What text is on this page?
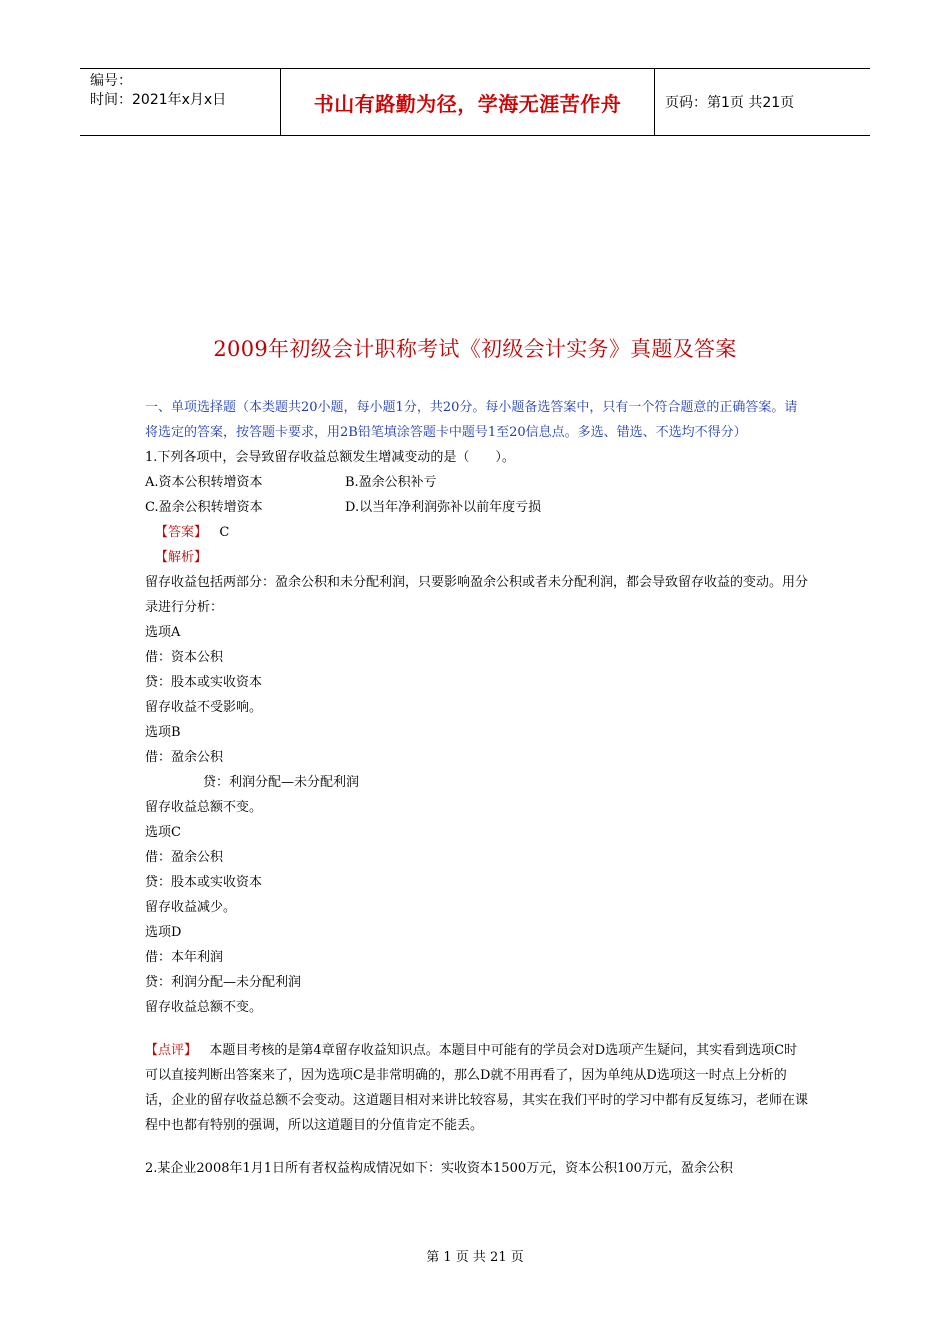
编号：
时间：2021年x月x日	书山有路勤为径，学海无涯苦作舟	页码：第1页 共21页
2009年初级会计职称考试《初级会计实务》真题及答案

一、单项选择题（本类题共20小题，每小题1分，共20分。每小题备选答案中，只有一个符合题意的正确答案。请将选定的答案，按答题卡要求，用2B铅笔填涂答题卡中题号1至20信息点。多选、错选、不选均不得分）

1.下列各项中，会导致留存收益总额发生增减变动的是（　　）。

A.资本公积转增资本	B.盈余公积补亏
C.盈余公积转增资本	D.以当年净利润弥补以前年度亏损

【答案】 C

【解析】

留存收益包括两部分：盈余公积和未分配利润，只要影响盈余公积或者未分配利润，都会导致留存收益的变动。用分录进行分析：

选项A

借：资本公积

贷：股本或实收资本

留存收益不受影响。

选项B

借：盈余公积

贷：利润分配—未分配利润

留存收益总额不变。

选项C

借：盈余公积

贷：股本或实收资本

留存收益减少。

选项D

借：本年利润

贷：利润分配—未分配利润

留存收益总额不变。

【点评】 本题目考核的是第4章留存收益知识点。本题目中可能有的学员会对D选项产生疑问，其实看到选项C时可以直接判断出答案来了，因为选项C是非常明确的，那么D就不用再看了，因为单纯从D选项这一时点上分析的话，企业的留存收益总额不会变动。这道题目相对来讲比较容易，其实在我们平时的学习中都有反复练习，老师在课程中也都有特别的强调，所以这道题目的分值肯定不能丢。

2.某企业2008年1月1日所有者权益构成情况如下：实收资本1500万元，资本公积100万元，盈余公积

第 1 页 共 21 页
